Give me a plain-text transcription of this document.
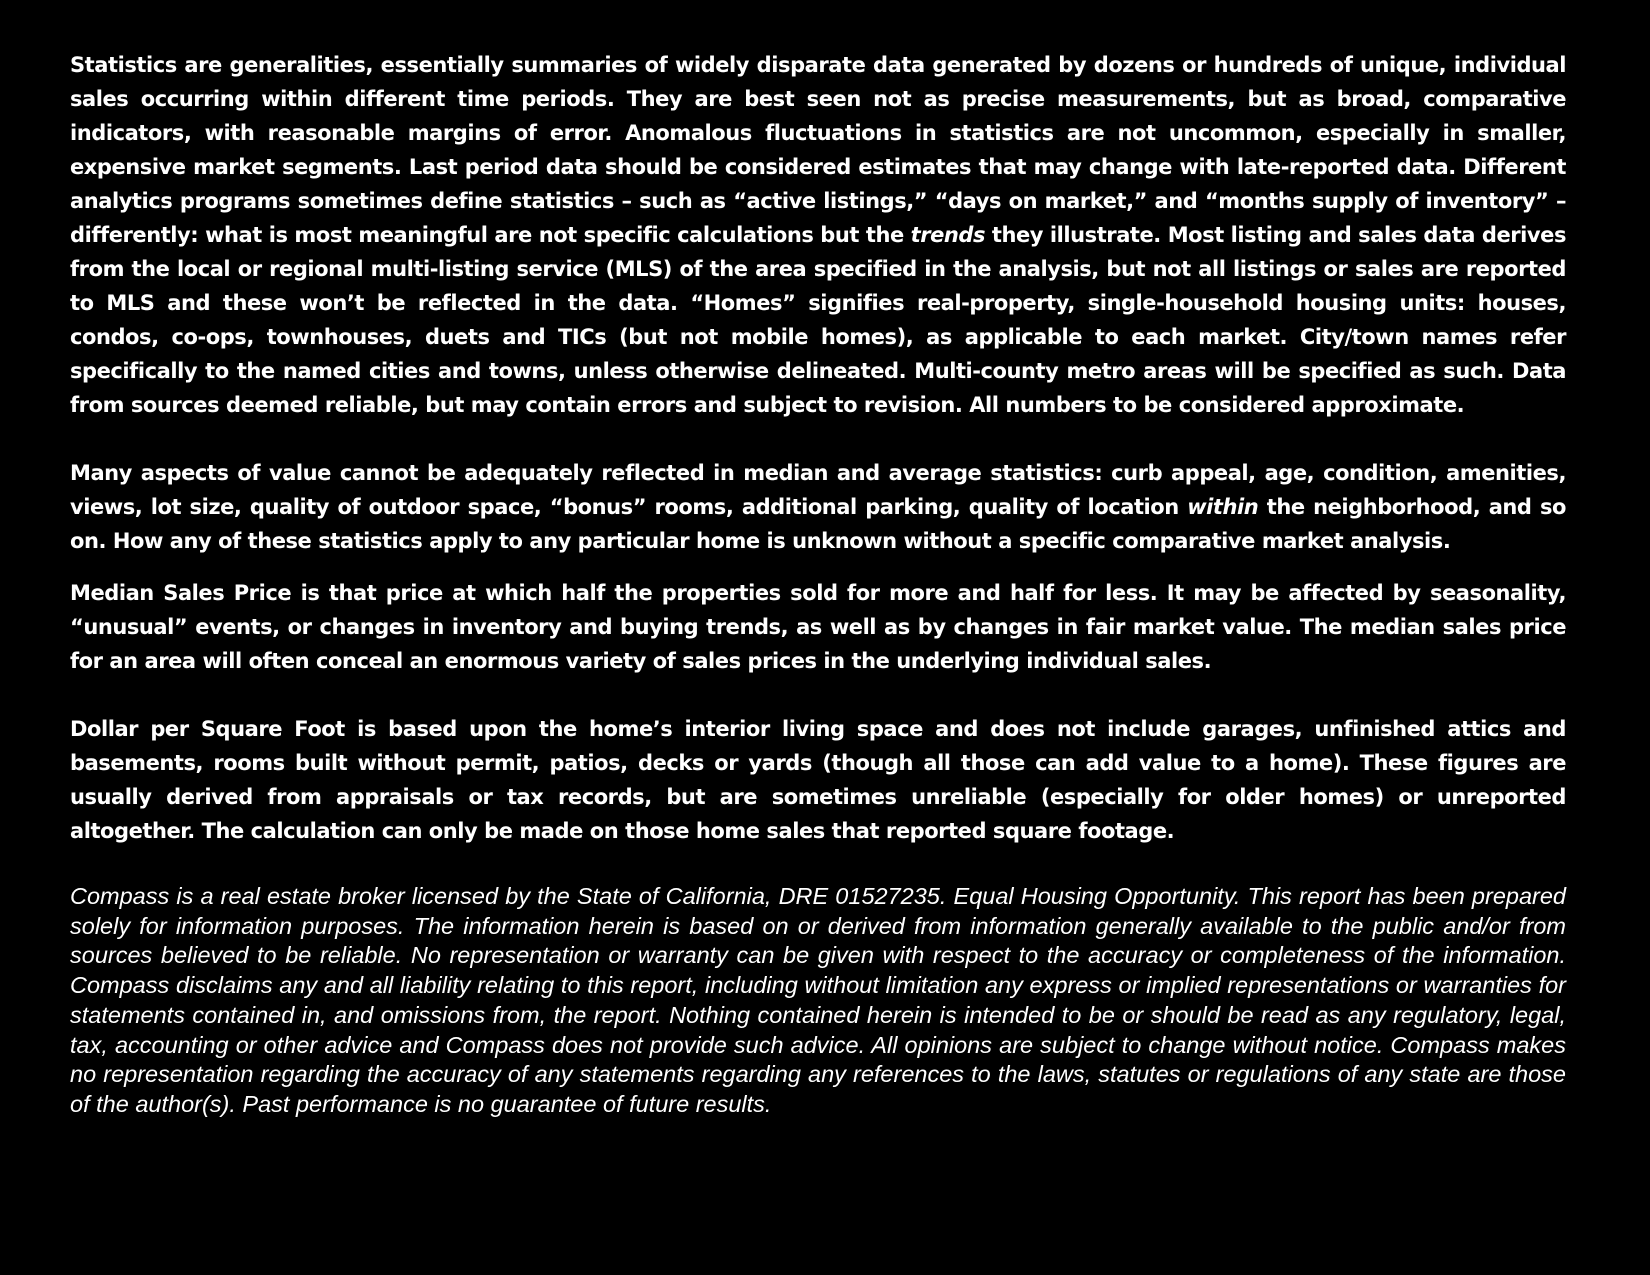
Statistics are generalities, essentially summaries of widely disparate data generated by dozens or hundreds of unique, individual sales occurring within different time periods. They are best seen not as precise measurements, but as broad, comparative indicators, with reasonable margins of error. Anomalous fluctuations in statistics are not uncommon, especially in smaller, expensive market segments. Last period data should be considered estimates that may change with late-reported data. Different analytics programs sometimes define statistics – such as “active listings,” “days on market,” and “months supply of inventory” – differently: what is most meaningful are not specific calculations but the trends they illustrate. Most listing and sales data derives from the local or regional multi-listing service (MLS) of the area specified in the analysis, but not all listings or sales are reported to MLS and these won’t be reflected in the data. “Homes” signifies real-property, single-household housing units: houses, condos, co-ops, townhouses, duets and TICs (but not mobile homes), as applicable to each market. City/town names refer specifically to the named cities and towns, unless otherwise delineated. Multi-county metro areas will be specified as such. Data from sources deemed reliable, but may contain errors and subject to revision. All numbers to be considered approximate.

Many aspects of value cannot be adequately reflected in median and average statistics: curb appeal, age, condition, amenities, views, lot size, quality of outdoor space, “bonus” rooms, additional parking, quality of location within the neighborhood, and so on. How any of these statistics apply to any particular home is unknown without a specific comparative market analysis.

Median Sales Price is that price at which half the properties sold for more and half for less. It may be affected by seasonality, “unusual” events, or changes in inventory and buying trends, as well as by changes in fair market value. The median sales price for an area will often conceal an enormous variety of sales prices in the underlying individual sales.

Dollar per Square Foot is based upon the home’s interior living space and does not include garages, unfinished attics and basements, rooms built without permit, patios, decks or yards (though all those can add value to a home). These figures are usually derived from appraisals or tax records, but are sometimes unreliable (especially for older homes) or unreported altogether. The calculation can only be made on those home sales that reported square footage.

Compass is a real estate broker licensed by the State of California, DRE 01527235. Equal Housing Opportunity. This report has been prepared solely for information purposes. The information herein is based on or derived from information generally available to the public and/or from sources believed to be reliable. No representation or warranty can be given with respect to the accuracy or completeness of the information. Compass disclaims any and all liability relating to this report, including without limitation any express or implied representations or warranties for statements contained in, and omissions from, the report. Nothing contained herein is intended to be or should be read as any regulatory, legal, tax, accounting or other advice and Compass does not provide such advice. All opinions are subject to change without notice. Compass makes no representation regarding the accuracy of any statements regarding any references to the laws, statutes or regulations of any state are those of the author(s). Past performance is no guarantee of future results.
